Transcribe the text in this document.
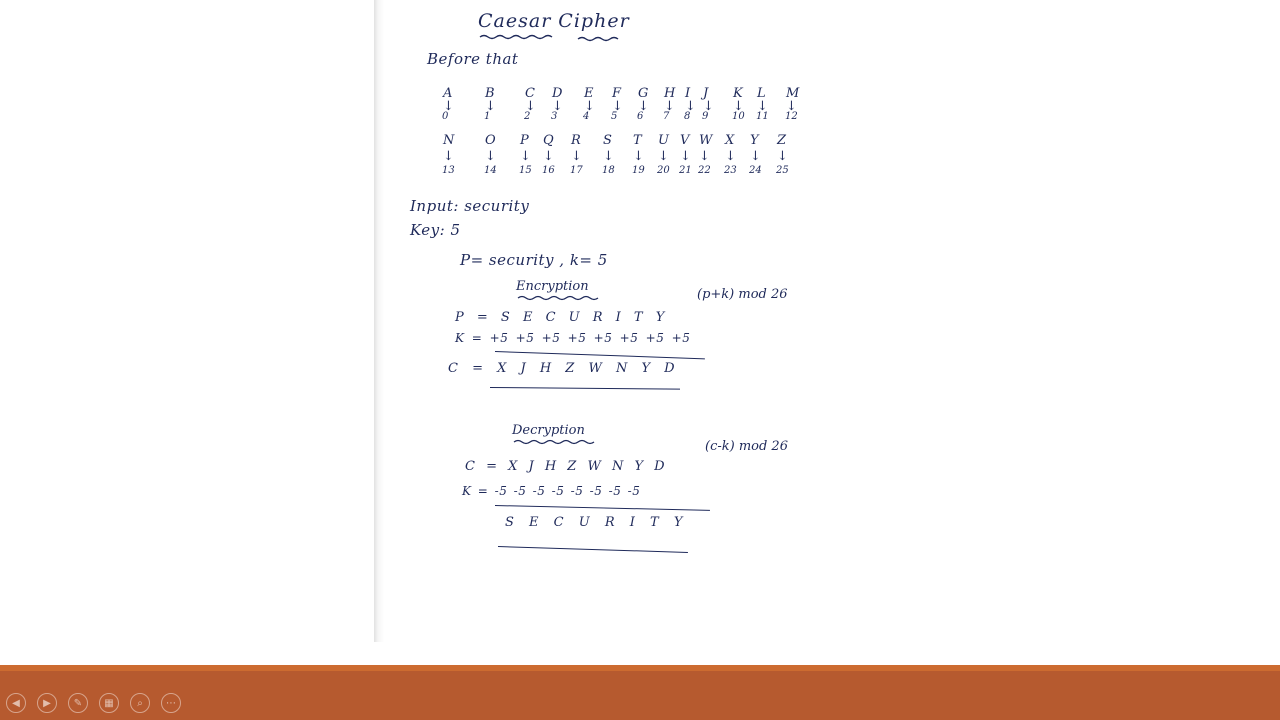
Caesar Cipher
Before that
A
↓
0
B
↓
1
C
↓
2
D
↓
3
E
↓
4
F
↓
5
G
↓
6
H
↓
7
I
↓
8
J
↓
9
K
↓
10
L
↓
11
M
↓
12
N
↓
13
O
↓
14
P
↓
15
Q
↓
16
R
↓
17
S
↓
18
T
↓
19
U
↓
20
V
↓
21
W
↓
22
X
↓
23
Y
↓
24
Z
↓
25
Input: security
Key: 5
P= security , k= 5
Encryption
(p+k) mod 26
P = S E C U R I T Y
K = +5 +5 +5 +5 +5 +5 +5 +5
C = X J H Z W N Y D
Decryption
(c-k) mod 26
C = X J H Z W N Y D
K = -5 -5 -5 -5 -5 -5 -5 -5
S E C U R I T Y
◀ ▶ ✎ ▦ ⌕ ⋯
